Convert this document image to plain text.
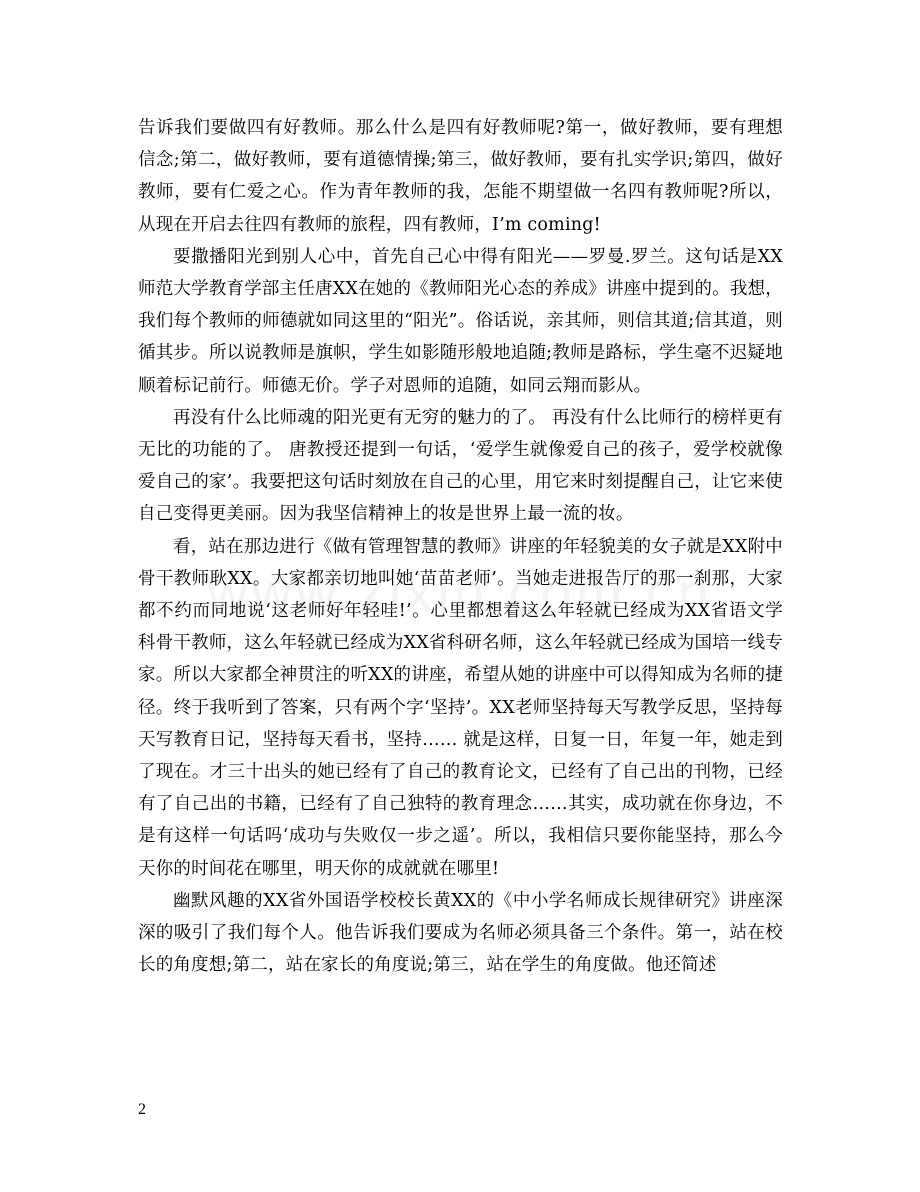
告诉我们要做四有好教师。那么什么是四有好教师呢?第一，做好教师，要有理想信念;第二，做好教师，要有道德情操;第三，做好教师，要有扎实学识;第四，做好教师，要有仁爱之心。作为青年教师的我，怎能不期望做一名四有教师呢?所以，从现在开启去往四有教师的旅程，四有教师，I’m coming!

要撒播阳光到别人心中，首先自己心中得有阳光——罗曼.罗兰。这句话是XX师范大学教育学部主任唐XX在她的《教师阳光心态的养成》讲座中提到的。我想，我们每个教师的师德就如同这里的“阳光”。俗话说，亲其师，则信其道;信其道，则循其步。所以说教师是旗帜，学生如影随形般地追随;教师是路标，学生毫不迟疑地顺着标记前行。师德无价。学子对恩师的追随，如同云翔而影从。

再没有什么比师魂的阳光更有无穷的魅力的了。 再没有什么比师行的榜样更有无比的功能的了。 唐教授还提到一句话，‘爱学生就像爱自己的孩子，爱学校就像爱自己的家’。我要把这句话时刻放在自己的心里，用它来时刻提醒自己，让它来使自己变得更美丽。因为我坚信精神上的妆是世界上最一流的妆。

看，站在那边进行《做有管理智慧的教师》讲座的年轻貌美的女子就是XX附中骨干教师耿XX。大家都亲切地叫她‘苗苗老师’。当她走进报告厅的那一刹那，大家都不约而同地说‘这老师好年轻哇!’。心里都想着这么年轻就已经成为XX省语文学科骨干教师，这么年轻就已经成为XX省科研名师，这么年轻就已经成为国培一线专家。所以大家都全神贯注的听XX的讲座，希望从她的讲座中可以得知成为名师的捷径。终于我听到了答案，只有两个字‘坚持’。XX老师坚持每天写教学反思，坚持每天写教育日记，坚持每天看书，坚持…… 就是这样，日复一日，年复一年，她走到了现在。才三十出头的她已经有了自己的教育论文，已经有了自己出的刊物，已经有了自己出的书籍，已经有了自己独特的教育理念……其实，成功就在你身边，不是有这样一句话吗‘成功与失败仅一步之遥’。所以，我相信只要你能坚持，那么今天你的时间花在哪里，明天你的成就就在哪里!

幽默风趣的XX省外国语学校校长黄XX的《中小学名师成长规律研究》讲座深深的吸引了我们每个人。他告诉我们要成为名师必须具备三个条件。第一，站在校长的角度想;第二，站在家长的角度说;第三，站在学生的角度做。他还简述

2
